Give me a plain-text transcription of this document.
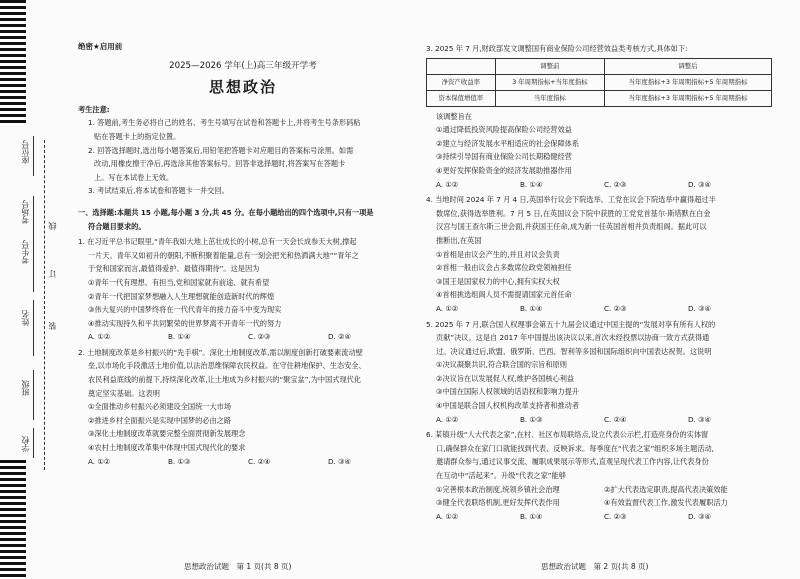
座位号
考场号
考生号
姓名
班级
学校
线
订
装
绝密★启用前
2025—2026 学年(上)高三年级开学考
思想政治
考生注意:
1. 答题前,考生务必将自己的姓名、考生号填写在试卷和答题卡上,并将考生号条形码粘
贴在答题卡上的指定位置。
2. 回答选择题时,选出每小题答案后,用铅笔把答题卡对应题目的答案标号涂黑。如需
改动,用橡皮擦干净后,再选涂其他答案标号。回答非选择题时,将答案写在答题卡
上。写在本试卷上无效。
3. 考试结束后,将本试卷和答题卡一并交回。
一、选择题:本题共 15 小题,每小题 3 分,共 45 分。在每小题给出的四个选项中,只有一项是
符合题目要求的。
1. 在习近平总书记眼里,“青年我如大地上茁壮成长的小树,总有一天会长成参天大树,撑起
一片天。青年又如初升的朝阳,不断积聚着能量,总有一刻会把光和热洒满大地”“青年之
于党和国家而言,最值得爱护、最值得期待”。这是因为
①青年一代有理想、有担当,党和国家就有前途、就有希望
②青年一代把国家梦想融入人生理想就能创造新时代的辉煌
③伟大复兴的中国梦终将在一代代青年的接力奋斗中变为现实
④推动实现持久和平共同繁荣的世界梦离不开青年一代的努力
A. ①②	B. ①④	C. ②③	D. ②④
2. 土地制度改革是乡村振兴的“先手棋”。深化土地制度改革,需以制度创新打破要素流动壁
垒,以市场化手段激活土地价值,以法治思维保障农民权益。在守住耕地保护、生态安全、
农民利益底线的前提下,持续深化改革,让土地成为乡村振兴的“聚宝盆”,为中国式现代化
奠定坚实基础。这表明
①全面推动乡村振兴必须建设全国统一大市场
②推进乡村全面振兴是实现中国梦的必由之路
③深化土地制度改革就要完整全面贯彻新发展理念
④农村土地制度改革集中体现中国式现代化的要求
A. ①②	B. ①③	C. ②④	D. ③④
3. 2025 年 7 月,财政部发文调整国有商业保险公司经营效益类考核方式,具体如下:
	调整前	调整后
净资产收益率	3 年周期指标+当年度指标	当年度指标+3 年周期指标+5 年周期指标
资本保值增值率	当年度指标	当年度指标+3 年周期指标+5 年周期指标
该调整旨在
①通过降低投资风险提高保险公司经营效益
②建立与经济发展水平相适应的社会保障体系
③持续引导国有商业保险公司长期稳健经营
④更好发挥保险资金的经济发展助推器作用
A. ①②	B. ①④	C. ②③	D. ③④
4. 当地时间 2024 年 7 月 4 日,英国举行议会下院选举。工党在议会下院选举中赢得超过半
数席位,获得选举胜利。7 月 5 日,在英国议会下院中获胜的工党党首基尔·斯塔默在白金
汉宫与国王查尔斯三世会面,并获国王任命,成为新一任英国首相并负责组阁。据此可以
推断出,在英国
①首相是由议会产生的,并且对议会负责
②首相一般由议会占多数席位政党领袖担任
③国王是国家权力的中心,拥有实权大权
④首相挑选组阁人员不需提请国家元首任命
A. ①②	B. ①④	C. ②③	D. ③④
5. 2025 年 7 月,联合国人权理事会第五十九届会议通过中国主提的“发展对享有所有人权的
贡献”决议。这是自 2017 年中国提出该决议以来,首次未经投票以协商一致方式获得通
过。决议通过后,欧盟、俄罗斯、巴西、智利等多国和国际组织向中国表达祝贺。这说明
①决议凝聚共识,符合联合国的宗旨和原则
②决议旨在以发展促人权,维护各国核心利益
③中国在国际人权领域的话语权和影响力提升
④中国是联合国人权机构改革支持者和推动者
A. ①②	B. ①③	C. ②④	D. ③④
6. 某镇升级“人大代表之家”,在村、社区布局联络点,设立代表公示栏,打造亮身份的实体窗
口,确保群众在家门口就能找到代表、反映诉求。每季度在“代表之家”组织多场主题活动,
邀请群众参与,通过议事交流、履职成果展示等形式,直观呈现代表工作内容,让代表身份
在互动中“活起来”。升级“代表之家”能够
①完善根本政治制度,统领乡镇社会治理	②扩大代表选定职责,提高代表决策效能
③健全代表联络机制,更好发挥代表作用	④有效监督代表工作,激发代表履职活力
A. ①②	B. ①④	C. ②③	D. ③④
思想政治试题　第 1 页(共 8 页)	思想政治试题　第 2 页(共 8 页)
